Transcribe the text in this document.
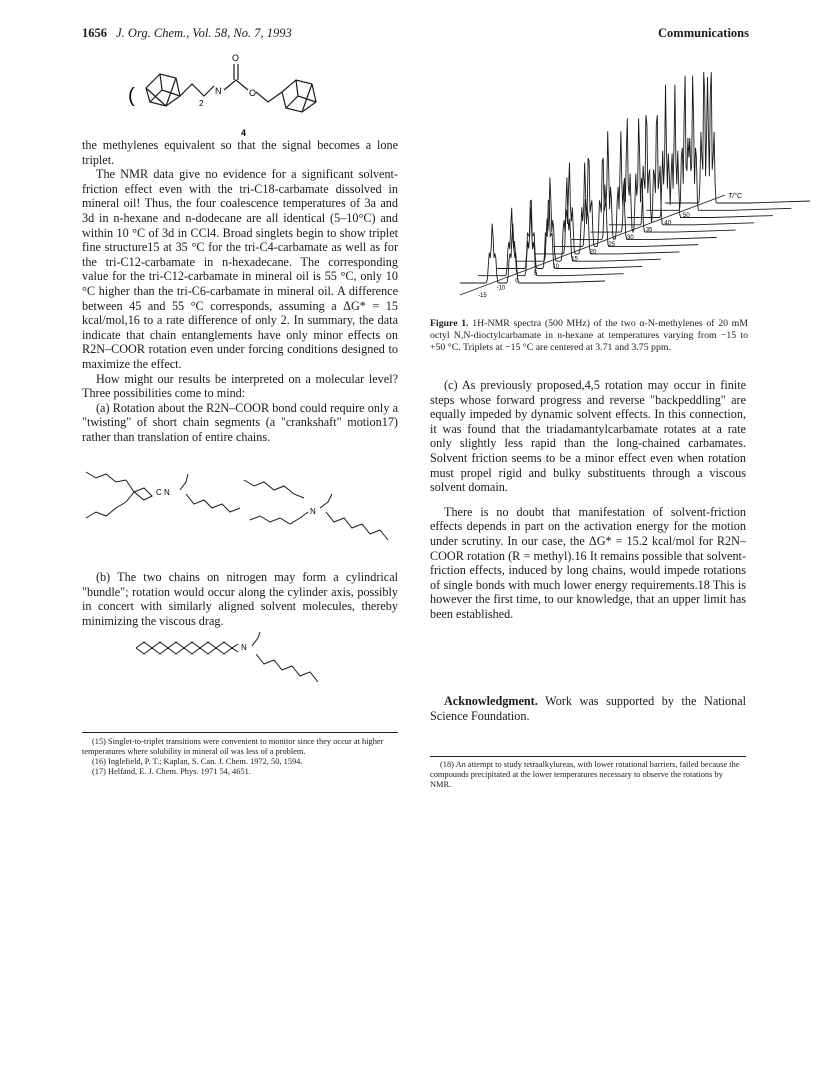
1656 J. Org. Chem., Vol. 58, No. 7, 1993	Communications
(	2
N
O
O
4

the methylenes equivalent so that the signal becomes a lone triplet.

The NMR data give no evidence for a significant solvent-friction effect even with the tri-C18-carbamate dissolved in mineral oil! Thus, the four coalescence temperatures of 3a and 3d in n-hexane and n-dodecane are all identical (5–10°C) and within 10 °C of 3d in CCl4. Broad singlets begin to show triplet fine structure15 at 35 °C for the tri-C4-carbamate as well as for the tri-C12-carbamate in n-hexadecane. The corresponding value for the tri-C12-carbamate in mineral oil is 55 °C, only 10 °C higher than the tri-C6-carbamate in mineral oil. A difference between 45 and 55 °C corresponds, assuming a ΔG* = 15 kcal/mol,16 to a rate difference of only 2. In summary, the data indicate that chain entanglements have only minor effects on R2N–COOR rotation even under forcing conditions designed to maximize the effect.

How might our results be interpreted on a molecular level? Three possibilities come to mind:

(a) Rotation about the R2N–COOR bond could require only a "twisting" of short chain segments (a "crankshaft" motion17) rather than translation of entire chains.

C N
N

(b) The two chains on nitrogen may form a cylindrical "bundle"; rotation would occur along the cylinder axis, possibly in concert with similarly aligned solvent molecules, thereby minimizing the viscous drag.

N

(15) Singlet-to-triplet transitions were convenient to monitor since they occur at higher temperatures where solubility in mineral oil was less of a problem.

(16) Inglefield, P. T.; Kaplan, S. Can. J. Chem. 1972, 50, 1594.

(17) Helfand, E. J. Chem. Phys. 1971 54, 4651.

-15
-10
0
5
10
15
20
25
30
35
40
50
T/°C
Figure 1. 1H-NMR spectra (500 MHz) of the two α-N-methylenes of 20 mM octyl N,N-dioctylcarbamate in n-hexane at temperatures varying from −15 to +50 °C. Triplets at −15 °C are centered at 3.71 and 3.75 ppm.

(c) As previously proposed,4,5 rotation may occur in finite steps whose forward progress and reverse "backpeddling" are equally impeded by dynamic solvent effects. In this connection, it was found that the triadamantylcarbamate rotates at a rate only slightly less rapid than the long-chained carbamates. Solvent friction seems to be a minor effect even when rotation must propel rigid and bulky substituents through a viscous solvent domain.

There is no doubt that manifestation of solvent-friction effects depends in part on the activation energy for the motion under scrutiny. In our case, the ΔG* = 15.2 kcal/mol for R2N–COOR rotation (R = methyl).16 It remains possible that solvent-friction effects, induced by long chains, would impede rotations of single bonds with much lower energy requirements.18 This is however the first time, to our knowledge, that an upper limit has been established.

Acknowledgment. Work was supported by the National Science Foundation.

(18) An attempt to study tetraalkylureas, with lower rotational barriers, failed because the compounds precipitated at the lower temperatures necessary to observe the rotations by NMR.
